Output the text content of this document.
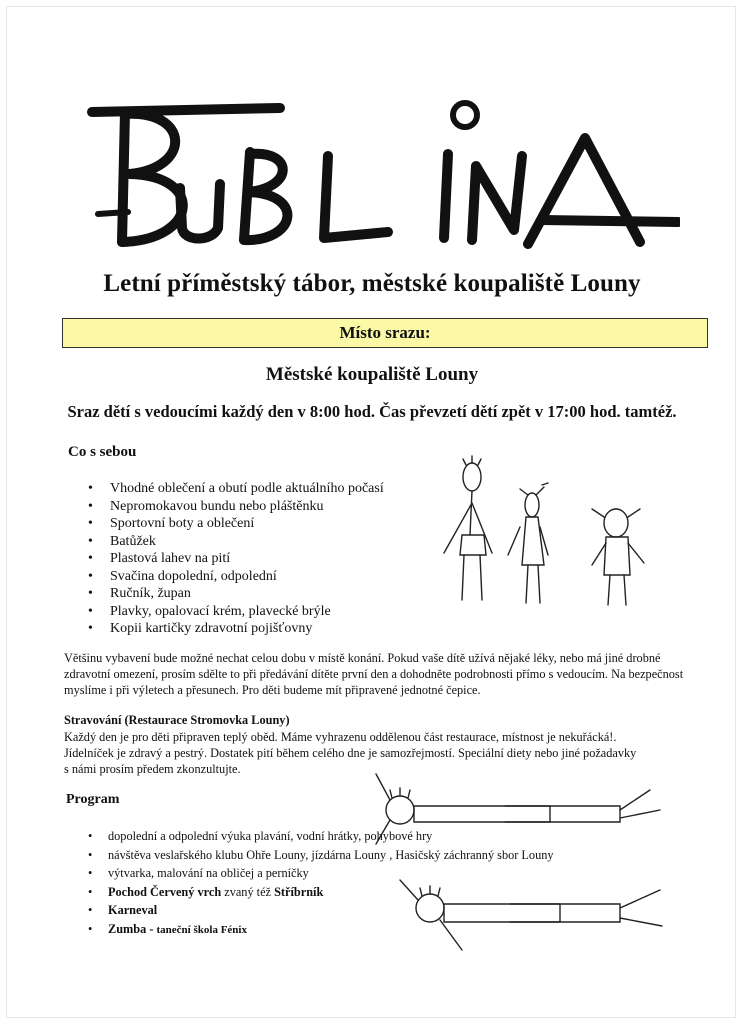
Letní příměstský tábor, městské koupaliště Louny
Místo srazu:
Městské koupaliště Louny
Sraz dětí s vedoucími každý den v 8:00 hod. Čas převzetí dětí zpět v 17:00 hod. tamtéž.
Co s sebou
• Vhodné oblečení a obutí podle aktuálního počasí
• Nepromokavou bundu nebo pláštěnku
• Sportovní boty a oblečení
• Batůžek
• Plastová lahev na pití
• Svačina dopolední, odpolední
• Ručník, župan
• Plavky, opalovací krém, plavecké brýle
• Kopii kartičky zdravotní pojišťovny
Většinu vybavení bude možné nechat celou dobu v místě konání. Pokud vaše dítě užívá nějaké léky, nebo má jiné drobné zdravotní omezení, prosím sdělte to při předávání dítěte první den a dohodněte podrobnosti přímo s vedoucím. Na bezpečnost myslíme i při výletech a přesunech. Pro děti budeme mít připravené jednotné čepice.
Stravování (Restaurace Stromovka Louny)
Každý den je pro děti připraven teplý oběd. Máme vyhrazenu oddělenou část restaurace, místnost je nekuřácká!.
Jídelníček je zdravý a pestrý. Dostatek pití během celého dne je samozřejmostí. Speciální diety nebo jiné požadavky
s námi prosím předem zkonzultujte.
Program
• dopolední a odpolední výuka plavání, vodní hrátky, pohybové hry
• návštěva veslařského klubu Ohře Louny, jízdárna Louny , Hasičský záchranný sbor Louny
• výtvarka, malování na obličej a perníčky
• Pochod Červený vrch zvaný též Stříbrník
• Karneval
• Zumba - taneční škola Fénix
